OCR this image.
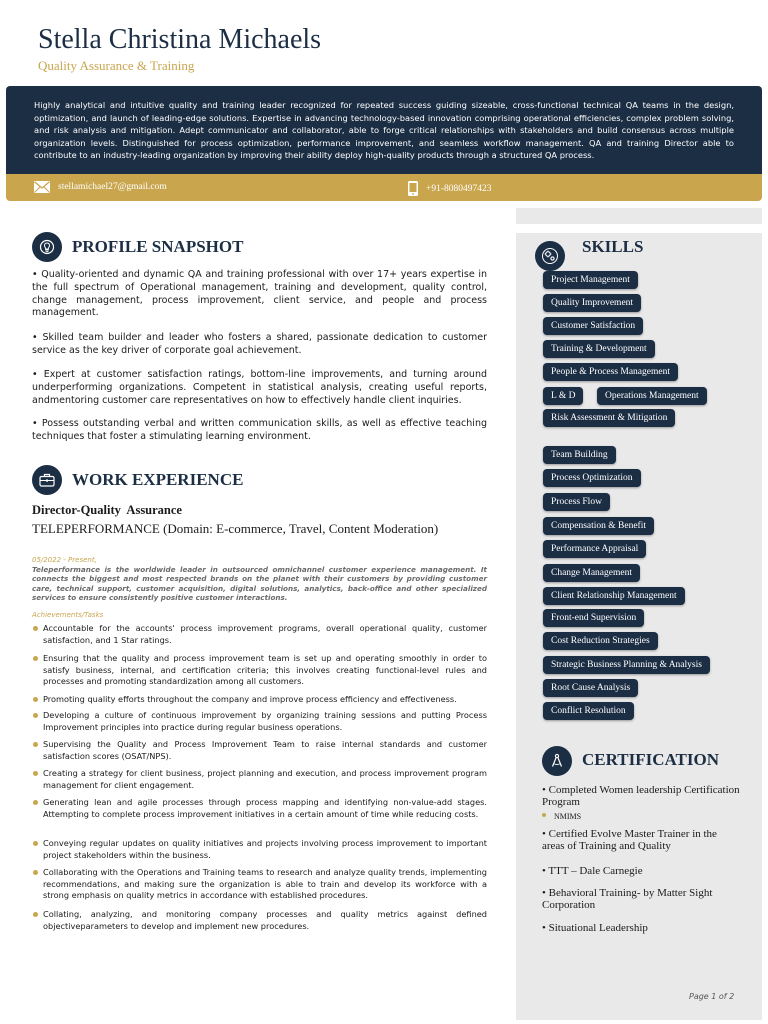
Stella Christina Michaels
Quality Assurance & Training

Highly analytical and intuitive quality and training leader recognized for repeated success guiding sizeable, cross-functional technical QA teams in the design, optimization, and launch of leading-edge solutions. Expertise in advancing technology-based innovation comprising operational efficiencies, complex problem solving, and risk analysis and mitigation. Adept communicator and collaborator, able to forge critical relationships with stakeholders and build consensus across multiple organization levels. Distinguished for process optimization, performance improvement, and seamless workflow management. QA and training Director able to contribute to an industry-leading organization by improving their ability deploy high-quality products through a structured QA process.

stellamichael27@gmail.com	+91-8080497423
PROFILE SNAPSHOT

• Quality-oriented and dynamic QA and training professional with over 17+ years expertise in the full spectrum of Operational management, training and development, quality control, change management, process improvement, client service, and people and process management.

• Skilled team builder and leader who fosters a shared, passionate dedication to customer service as the key driver of corporate goal achievement.

• Expert at customer satisfaction ratings, bottom-line improvements, and turning around underperforming organizations. Competent in statistical analysis, creating useful reports, andmentoring customer care representatives on how to effectively handle client inquiries.

• Possess outstanding verbal and written communication skills, as well as effective teaching techniques that foster a stimulating learning environment.

WORK EXPERIENCE
Director-Quality  Assurance
TELEPERFORMANCE (Domain: E-commerce, Travel, Content Moderation)
05/2022 - Present,
Teleperformance is the worldwide leader in outsourced omnichannel customer experience management. It connects the biggest and most respected brands on the planet with their customers by providing customer care, technical support, customer acquisition, digital solutions, analytics, back-office and other specialized services to ensure consistently positive customer interactions.
Achievements/Tasks
Accountable for the accounts' process improvement programs, overall operational quality, customer satisfaction, and 1 Star ratings.
Ensuring that the quality and process improvement team is set up and operating smoothly in order to satisfy business, internal, and certification criteria; this involves creating functional-level rules and processes and promoting standardization among all customers.
Promoting quality efforts throughout the company and improve process efficiency and effectiveness.
Developing a culture of continuous improvement by organizing training sessions and putting Process Improvement principles into practice during regular business operations.
Supervising the Quality and Process Improvement Team to raise internal standards and customer satisfaction scores (OSAT/NPS).
Creating a strategy for client business, project planning and execution, and process improvement program management for client engagement.
Generating lean and agile processes through process mapping and identifying non-value-add stages. Attempting to complete process improvement initiatives in a certain amount of time while reducing costs.
Conveying regular updates on quality initiatives and projects involving process improvement to important project stakeholders within the business.
Collaborating with the Operations and Training teams to research and analyze quality trends, implementing recommendations, and making sure the organization is able to train and develop its workforce with a strong emphasis on quality metrics in accordance with established procedures.
Collating, analyzing, and monitoring company processes and quality metrics against defined objectiveparameters to develop and implement new procedures.
SKILLS
Project Management
Quality Improvement
Customer Satisfaction
Training & Development
People & Process Management
L & D	Operations Management
Risk Assessment & Mitigation
Team Building
Process Optimization
Process Flow
Compensation & Benefit
Performance Appraisal
Change Management
Client Relationship Management
Front-end Supervision
Cost Reduction Strategies
Strategic Business Planning & Analysis
Root Cause Analysis
Conflict Resolution
CERTIFICATION
• Completed Women leadership Certification Program
NMIMS
• Certified Evolve Master Trainer in the areas of Training and Quality
• TTT – Dale Carnegie
• Behavioral Training- by Matter Sight Corporation
• Situational Leadership
Page 1 of 2
